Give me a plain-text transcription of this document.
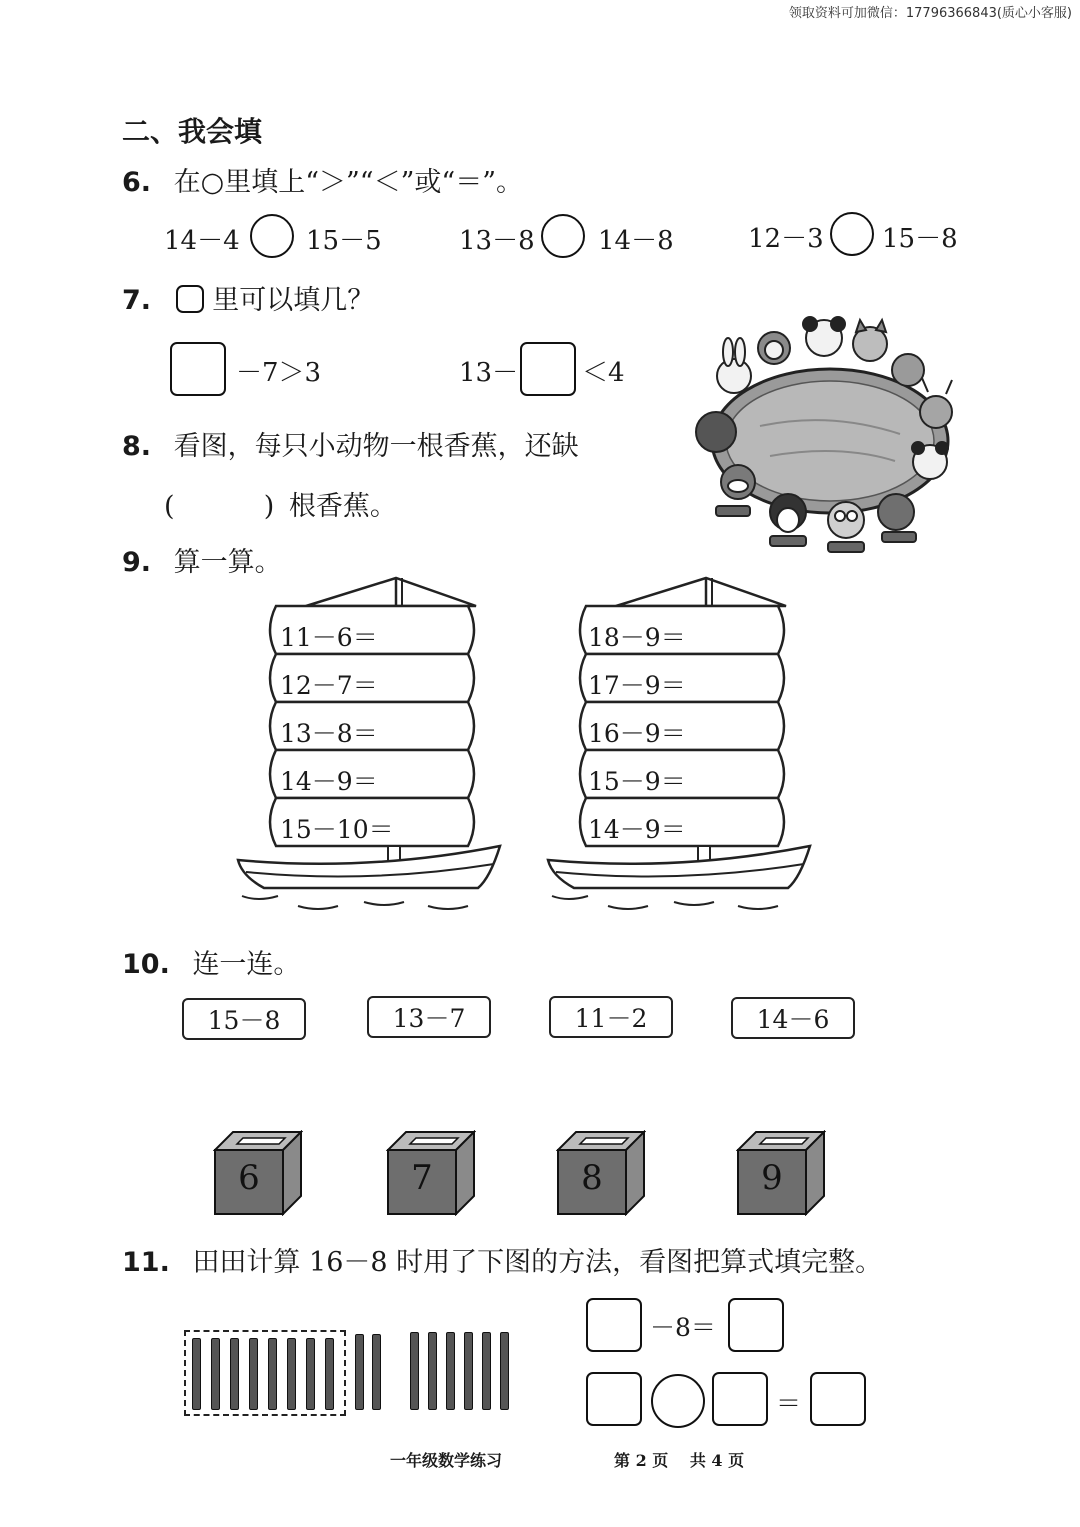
领取资料可加微信：17796366843(质心小客服)
二、我会填
6. 在○里填上“＞”“＜”或“＝”。
14－4	15－5	13－8 14－8	12－3 15－8
7. 里可以填几？
－7＞3	13－ ＜4
8. 看图，每只小动物一根香蕉，还缺
(	) 根香蕉。
9. 算一算。
11－6＝
12－7＝
13－8＝
14－9＝
15－10＝
18－9＝
17－9＝
16－9＝
15－9＝
14－9＝
10. 连一连。
15－8	13－7	11－2	14－6
6	7	8	9
11. 田田计算 16－8 时用了下图的方法，看图把算式填完整。
－8＝
＝
一年级数学练习	第 2 页　 共 4 页
